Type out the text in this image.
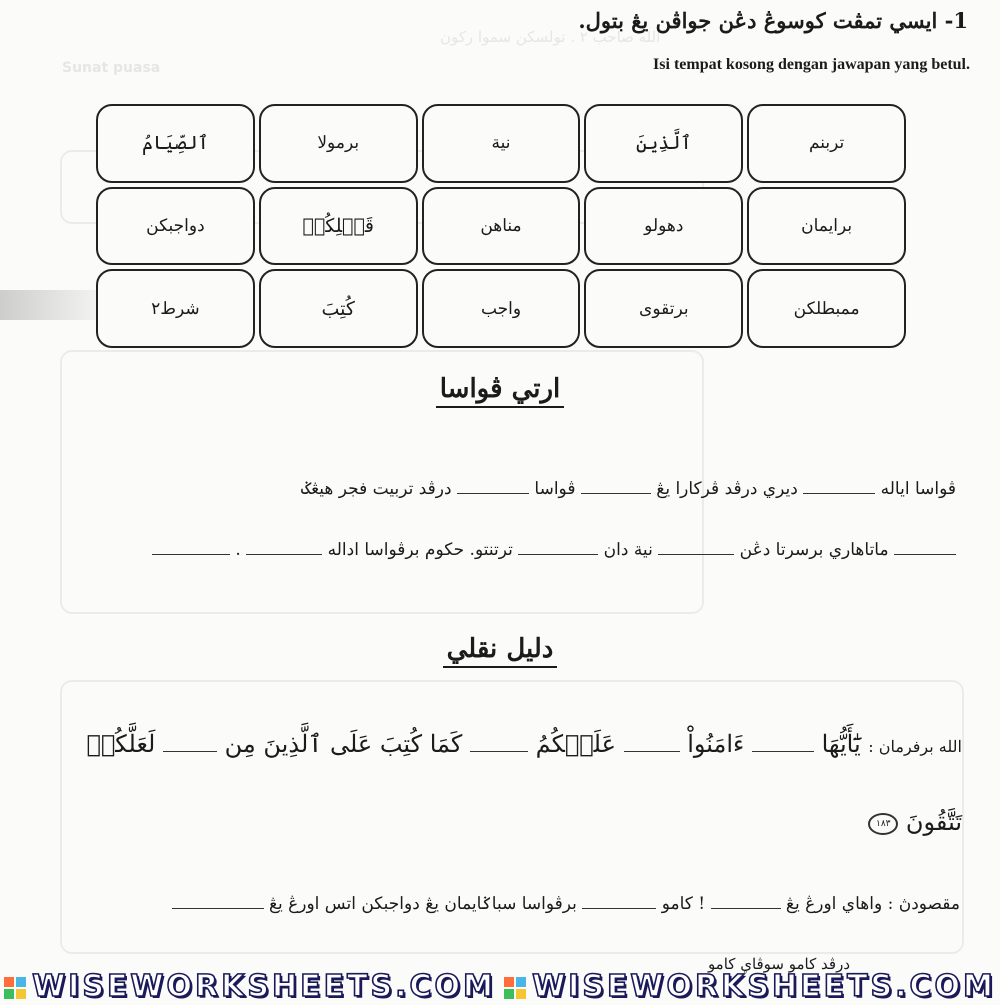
الله صاحب ٢ . تولسکن سموا رکون
Sunat puasa
1- ايسي تمڤت كوسوڠ دڠن جواڤن يڠ بتول.
Isi tempat kosong dengan jawapan yang betul.
تربنم
ٱلَّذِينَ
نية
برمولا
ٱلصِّيَامُ
برايمان
دهولو
مناهن
قَبۡلِكُمۡ
دواجبكن
ممبطلكن
برتقوى
واجب
كُتِبَ
شرط٢
ارتي ڤواسا
ڤواسا اياله  ديري درڤد ڤركارا يڠ  ڤواسا  درڤد تربيت فجر هيڠݢ
ماتاهاري برسرتا دڠن  نية دان  ترتنتو. حکوم برڤواسا اداله  .
دليل نقلي
الله برفرمان : يَٰٓأَيُّهَا  ءَامَنُواْ  عَلَيۡكُمُ  كَمَا كُتِبَ عَلَى ٱلَّذِينَ مِن  لَعَلَّكُمۡ
تَتَّقُونَ ١٨٣
مقصودڽ : واهاي اورڠ يڠ  ! كامو  برڤواسا سباݢايمان يڠ دواجبكن اتس اورڠ يڠ
درڤد كامو سوڤاي كامو
WISEWORKSHEETS.COM	WISEWORKSHEETS.COM
